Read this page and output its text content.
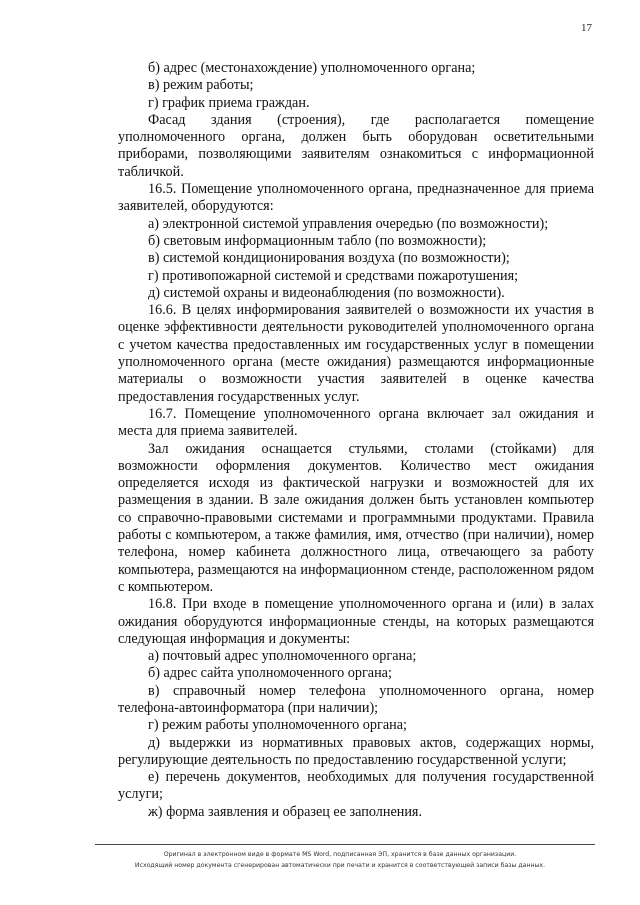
17

б) адрес (местонахождение) уполномоченного органа;

в) режим работы;

г) график приема граждан.

Фасад здания (строения), где располагается помещение уполномоченного органа, должен быть оборудован осветительными приборами, позволяющими заявителям ознакомиться с информационной табличкой.

16.5. Помещение уполномоченного органа, предназначенное для приема заявителей, оборудуются:

а) электронной системой управления очередью (по возможности);

б) световым информационным табло (по возможности);

в) системой кондиционирования воздуха (по возможности);

г) противопожарной системой и средствами пожаротушения;

д) системой охраны и видеонаблюдения (по возможности).

16.6. В целях информирования заявителей о возможности их участия в оценке эффективности деятельности руководителей уполномоченного органа с учетом качества предоставленных им государственных услуг в помещении уполномоченного органа (месте ожидания) размещаются информационные материалы о возможности участия заявителей в оценке качества предоставления государственных услуг.

16.7. Помещение уполномоченного органа включает зал ожидания и места для приема заявителей.

Зал ожидания оснащается стульями, столами (стойками) для возможности оформления документов. Количество мест ожидания определяется исходя из фактической нагрузки и возможностей для их размещения в здании. В зале ожидания должен быть установлен компьютер со справочно-правовыми системами и программными продуктами. Правила работы с компьютером, а также фамилия, имя, отчество (при наличии), номер телефона, номер кабинета должностного лица, отвечающего за работу компьютера, размещаются на информационном стенде, расположенном рядом с компьютером.

16.8. При входе в помещение уполномоченного органа и (или) в залах ожидания оборудуются информационные стенды, на которых размещаются следующая информация и документы:

а) почтовый адрес уполномоченного органа;

б) адрес сайта уполномоченного органа;

в) справочный номер телефона уполномоченного органа, номер телефона-автоинформатора (при наличии);

г) режим работы уполномоченного органа;

д) выдержки из нормативных правовых актов, содержащих нормы, регулирующие деятельность по предоставлению государственной услуги;

е) перечень документов, необходимых для получения государственной услуги;

ж) форма заявления и образец ее заполнения.

Оригинал в электронном виде в формате MS Word, подписанная ЭП, хранится в базе данных организации.
Исходящий номер документа сгенерирован автоматически при печати и хранится в соответствующей записи базы данных.
